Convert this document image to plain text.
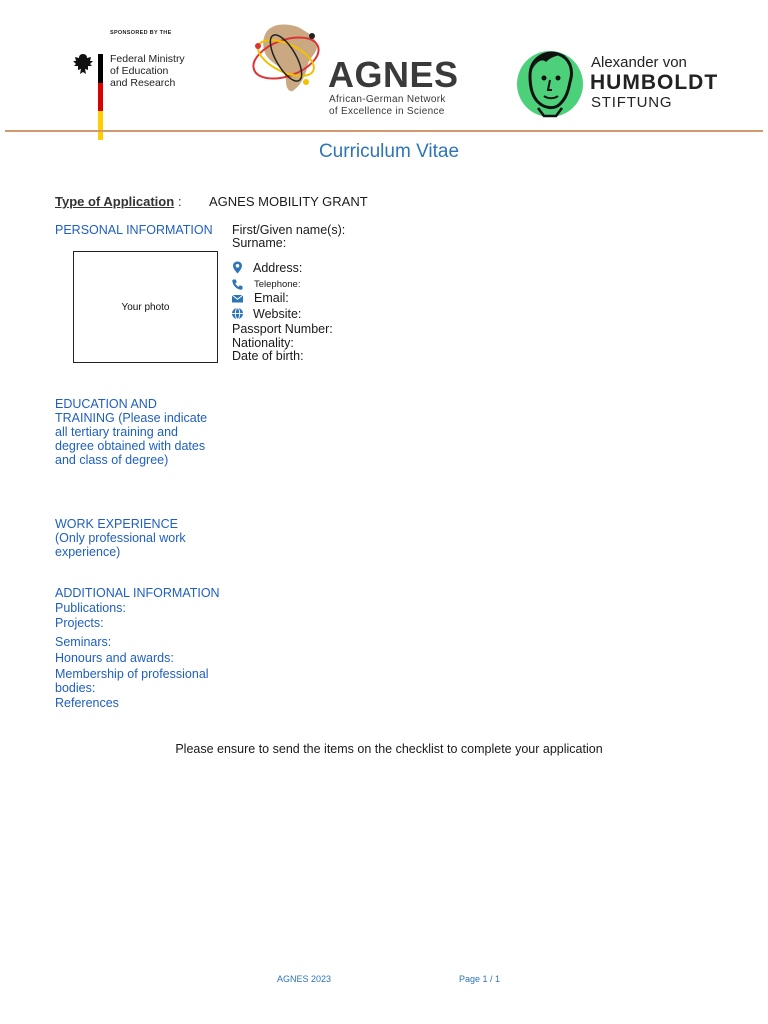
SPONSORED BY THE
Federal Ministry
of Education
and Research	AGNES
African-German Network
of Excellence in Science
Alexander von
HUMBOLDT
STIFTUNG
Curriculum Vitae
Type of Application : AGNES MOBILITY GRANT
PERSONAL INFORMATION
Your photo
First/Given name(s):
Surname:
Address:
Telephone:
Email:
Website:
Passport Number:
Nationality:
Date of birth:
EDUCATION AND
TRAINING (Please indicate
all tertiary training and
degree obtained with dates
and class of degree)
WORK EXPERIENCE
(Only professional work
experience)
ADDITIONAL INFORMATION
Publications:
Projects:
Seminars:
Honours and awards:
Membership of professional
bodies:
References
Please ensure to send the items on the checklist to complete your application
AGNES 2023	Page 1 / 1
